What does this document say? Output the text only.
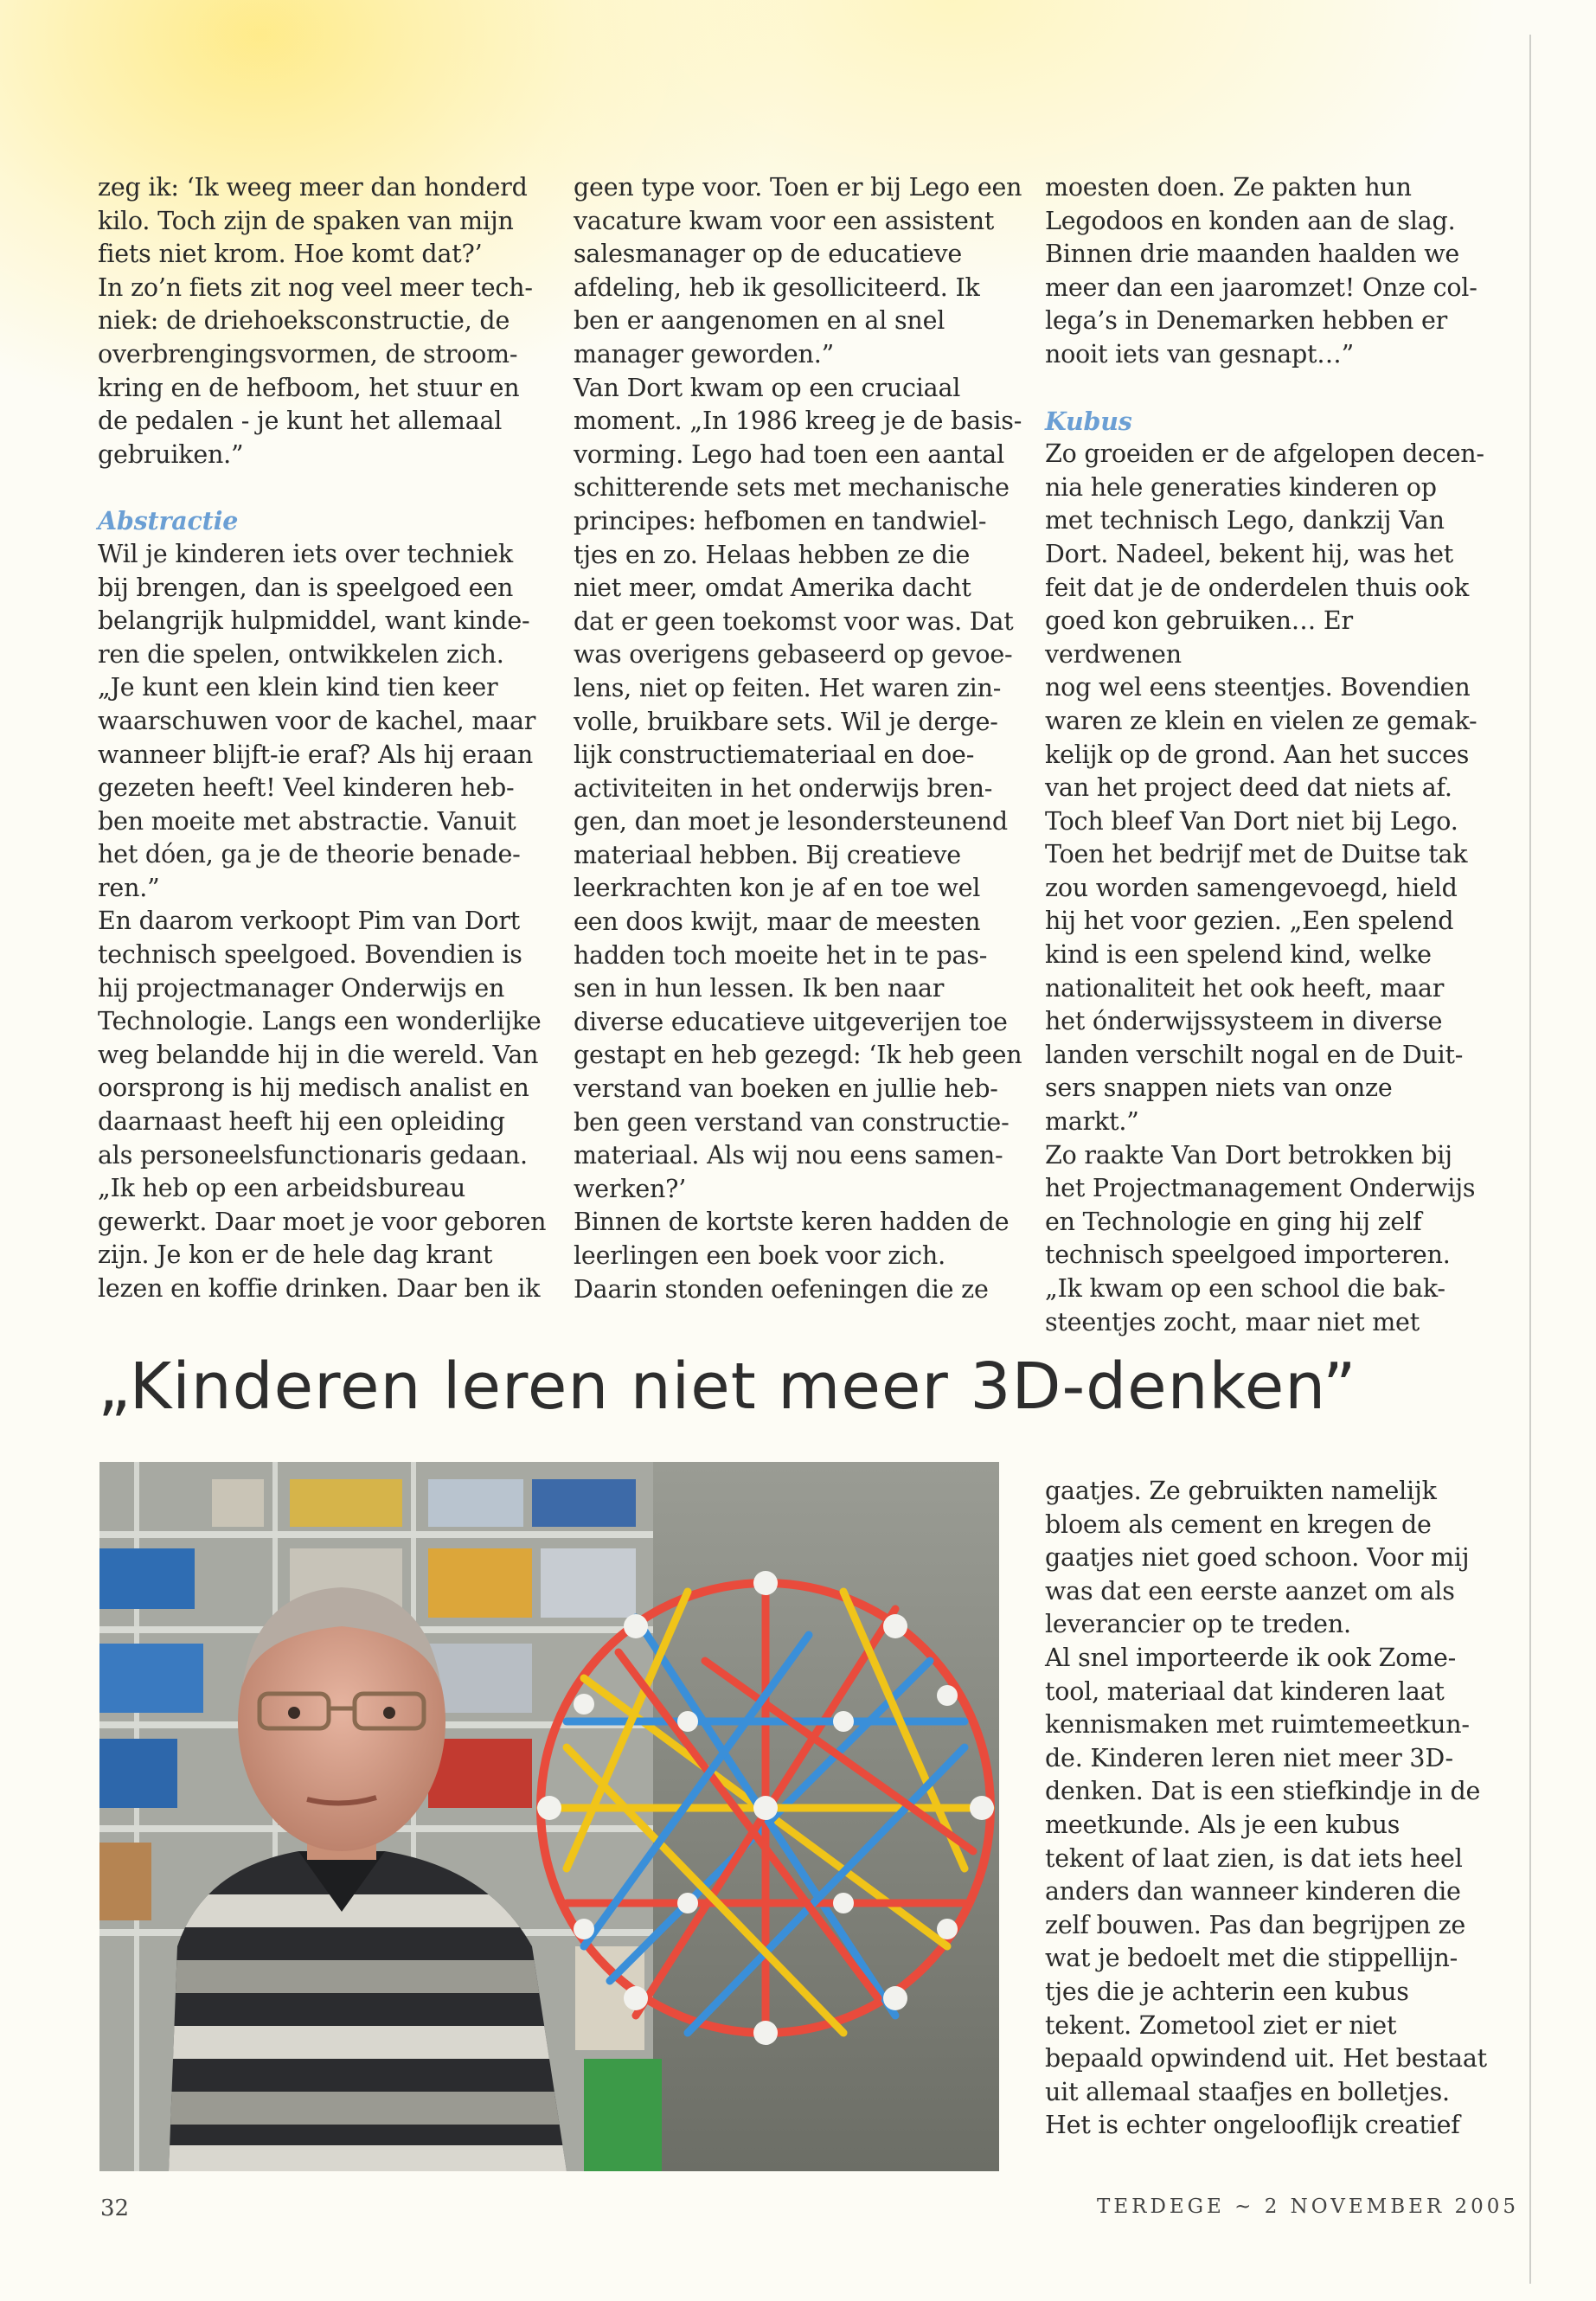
zeg ik: ‘Ik weeg meer dan honderd
kilo. Toch zijn de spaken van mijn
fiets niet krom. Hoe komt dat?’
In zo’n fiets zit nog veel meer tech-
niek: de driehoeksconstructie, de
overbrengingsvormen, de stroom-
kring en de hefboom, het stuur en
de pedalen - je kunt het allemaal
gebruiken.”

Abstractie

Wil je kinderen iets over techniek
bij brengen, dan is speelgoed een
belangrijk hulpmiddel, want kinde-
ren die spelen, ontwikkelen zich.
„Je kunt een klein kind tien keer
waarschuwen voor de kachel, maar
wanneer blijft-ie eraf? Als hij eraan
gezeten heeft! Veel kinderen heb-
ben moeite met abstractie. Vanuit
het dóen, ga je de theorie benade-
ren.”
En daarom verkoopt Pim van Dort
technisch speelgoed. Bovendien is
hij projectmanager Onderwijs en
Technologie. Langs een wonderlijke
weg belandde hij in die wereld. Van
oorsprong is hij medisch analist en
daarnaast heeft hij een opleiding
als personeelsfunctionaris gedaan.
„Ik heb op een arbeidsbureau
gewerkt. Daar moet je voor geboren
zijn. Je kon er de hele dag krant
lezen en koffie drinken. Daar ben ik

geen type voor. Toen er bij Lego een
vacature kwam voor een assistent
salesmanager op de educatieve
afdeling, heb ik gesolliciteerd. Ik
ben er aangenomen en al snel
manager geworden.”
Van Dort kwam op een cruciaal
moment. „In 1986 kreeg je de basis-
vorming. Lego had toen een aantal
schitterende sets met mechanische
principes: hefbomen en tandwiel-
tjes en zo. Helaas hebben ze die
niet meer, omdat Amerika dacht
dat er geen toekomst voor was. Dat
was overigens gebaseerd op gevoe-
lens, niet op feiten. Het waren zin-
volle, bruikbare sets. Wil je derge-
lijk constructiemateriaal en doe-
activiteiten in het onderwijs bren-
gen, dan moet je lesondersteunend
materiaal hebben. Bij creatieve
leerkrachten kon je af en toe wel
een doos kwijt, maar de meesten
hadden toch moeite het in te pas-
sen in hun lessen. Ik ben naar
diverse educatieve uitgeverijen toe
gestapt en heb gezegd: ‘Ik heb geen
verstand van boeken en jullie heb-
ben geen verstand van constructie-
materiaal. Als wij nou eens samen-
werken?’
Binnen de kortste keren hadden de
leerlingen een boek voor zich.
Daarin stonden oefeningen die ze

moesten doen. Ze pakten hun
Legodoos en konden aan de slag.
Binnen drie maanden haalden we
meer dan een jaaromzet! Onze col-
lega’s in Denemarken hebben er
nooit iets van gesnapt…”

Kubus

Zo groeiden er de afgelopen decen-
nia hele generaties kinderen op
met technisch Lego, dankzij Van
Dort. Nadeel, bekent hij, was het
feit dat je de onderdelen thuis ook
goed kon gebruiken… Er verdwenen
nog wel eens steentjes. Bovendien
waren ze klein en vielen ze gemak-
kelijk op de grond. Aan het succes
van het project deed dat niets af.
Toch bleef Van Dort niet bij Lego.
Toen het bedrijf met de Duitse tak
zou worden samengevoegd, hield
hij het voor gezien. „Een spelend
kind is een spelend kind, welke
nationaliteit het ook heeft, maar
het ónderwijssysteem in diverse
landen verschilt nogal en de Duit-
sers snappen niets van onze
markt.”
Zo raakte Van Dort betrokken bij
het Projectmanagement Onderwijs
en Technologie en ging hij zelf
technisch speelgoed importeren.
„Ik kwam op een school die bak-
steentjes zocht, maar niet met

„Kinderen leren niet meer 3D-denken”

gaatjes. Ze gebruikten namelijk
bloem als cement en kregen de
gaatjes niet goed schoon. Voor mij
was dat een eerste aanzet om als
leverancier op te treden.
Al snel importeerde ik ook Zome-
tool, materiaal dat kinderen laat
kennismaken met ruimtemeetkun-
de. Kinderen leren niet meer 3D-
denken. Dat is een stiefkindje in de
meetkunde. Als je een kubus
tekent of laat zien, is dat iets heel
anders dan wanneer kinderen die
zelf bouwen. Pas dan begrijpen ze
wat je bedoelt met die stippellijn-
tjes die je achterin een kubus
tekent. Zometool ziet er niet
bepaald opwindend uit. Het bestaat
uit allemaal staafjes en bolletjes.
Het is echter ongelooflijk creatief

32	TERDEGE ~ 2 NOVEMBER 2005
